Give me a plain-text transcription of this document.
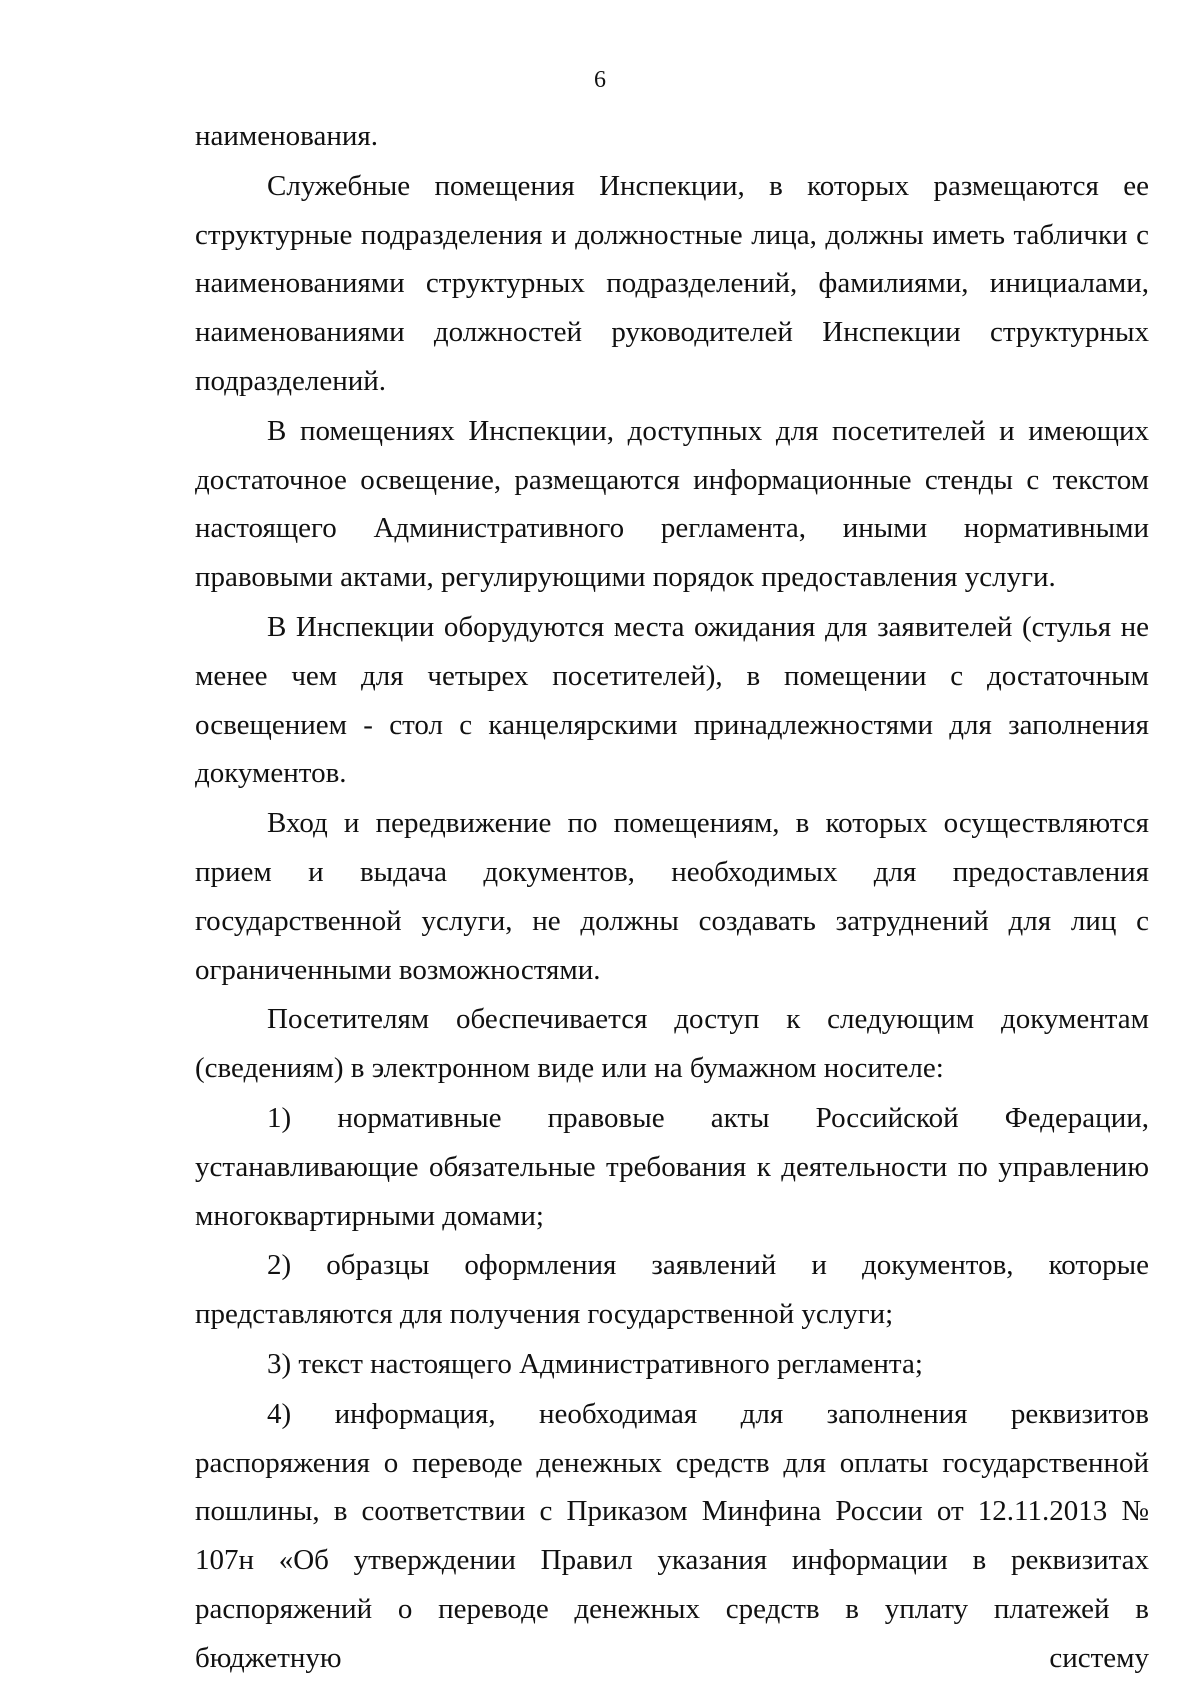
6

наименования.

Служебные помещения Инспекции, в которых размещаются ее структурные подразделения и должностные лица, должны иметь таблички с наименованиями структурных подразделений, фамилиями, инициалами, наименованиями должностей руководителей Инспекции структурных подразделений.

В помещениях Инспекции, доступных для посетителей и имеющих достаточное освещение, размещаются информационные стенды с текстом настоящего Административного регламента, иными нормативными правовыми актами, регулирующими порядок предоставления услуги.

В Инспекции оборудуются места ожидания для заявителей (стулья не менее чем для четырех посетителей), в помещении с достаточным освещением - стол с канцелярскими принадлежностями для заполнения документов.

Вход и передвижение по помещениям, в которых осуществляются прием и выдача документов, необходимых для предоставления государственной услуги, не должны создавать затруднений для лиц с ограниченными возможностями.

Посетителям обеспечивается доступ к следующим документам (сведениям) в электронном виде или на бумажном носителе:

1) нормативные правовые акты Российской Федерации, устанавливающие обязательные требования к деятельности по управлению многоквартирными домами;

2) образцы оформления заявлений и документов, которые представляются для получения государственной услуги;

3) текст настоящего Административного регламента;

4) информация, необходимая для заполнения реквизитов распоряжения о переводе денежных средств для оплаты государственной пошлины, в соответствии с Приказом Минфина России от 12.11.2013 № 107н «Об утверждении Правил указания информации в реквизитах распоряжений о переводе денежных средств в уплату платежей в бюджетную систему
